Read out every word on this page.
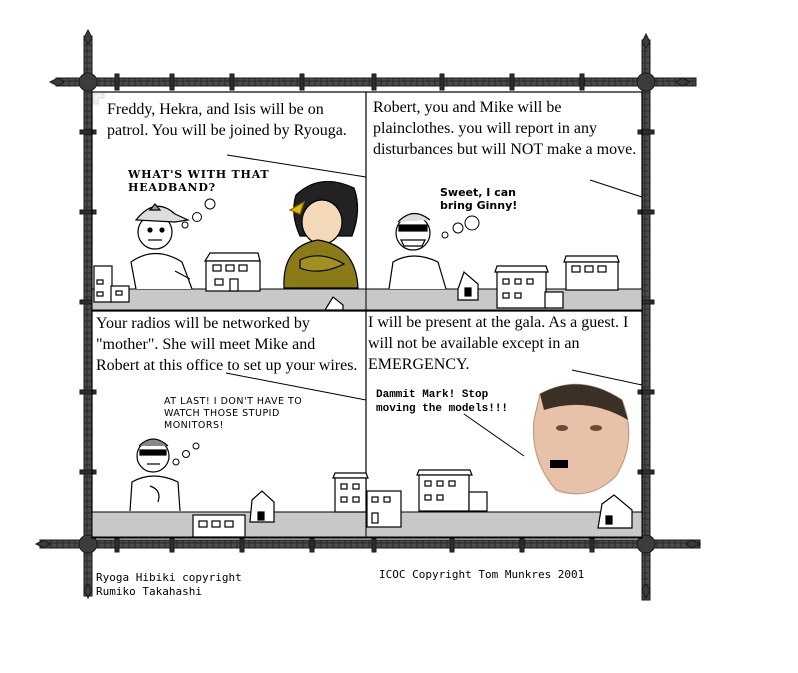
Freddy, Hekra, and Isis will be on patrol. You will be joined by Ryouga.
WHAT'S WITH THAT HEADBAND?
Robert, you and Mike will be plainclothes. you will report in any disturbances but will NOT make a move.
Sweet, I can bring Ginny!
Your radios will be networked by "mother". She will meet Mike and Robert at this office to set up your wires.
AT LAST! I DON'T HAVE TO WATCH THOSE STUPID MONITORS!
I will be present at the gala. As a guest. I will not be available except in an EMERGENCY.
Dammit Mark! Stop moving the models!!!
Ryoga Hibiki copyright
Rumiko Takahashi
ICOC Copyright Tom Munkres 2001
